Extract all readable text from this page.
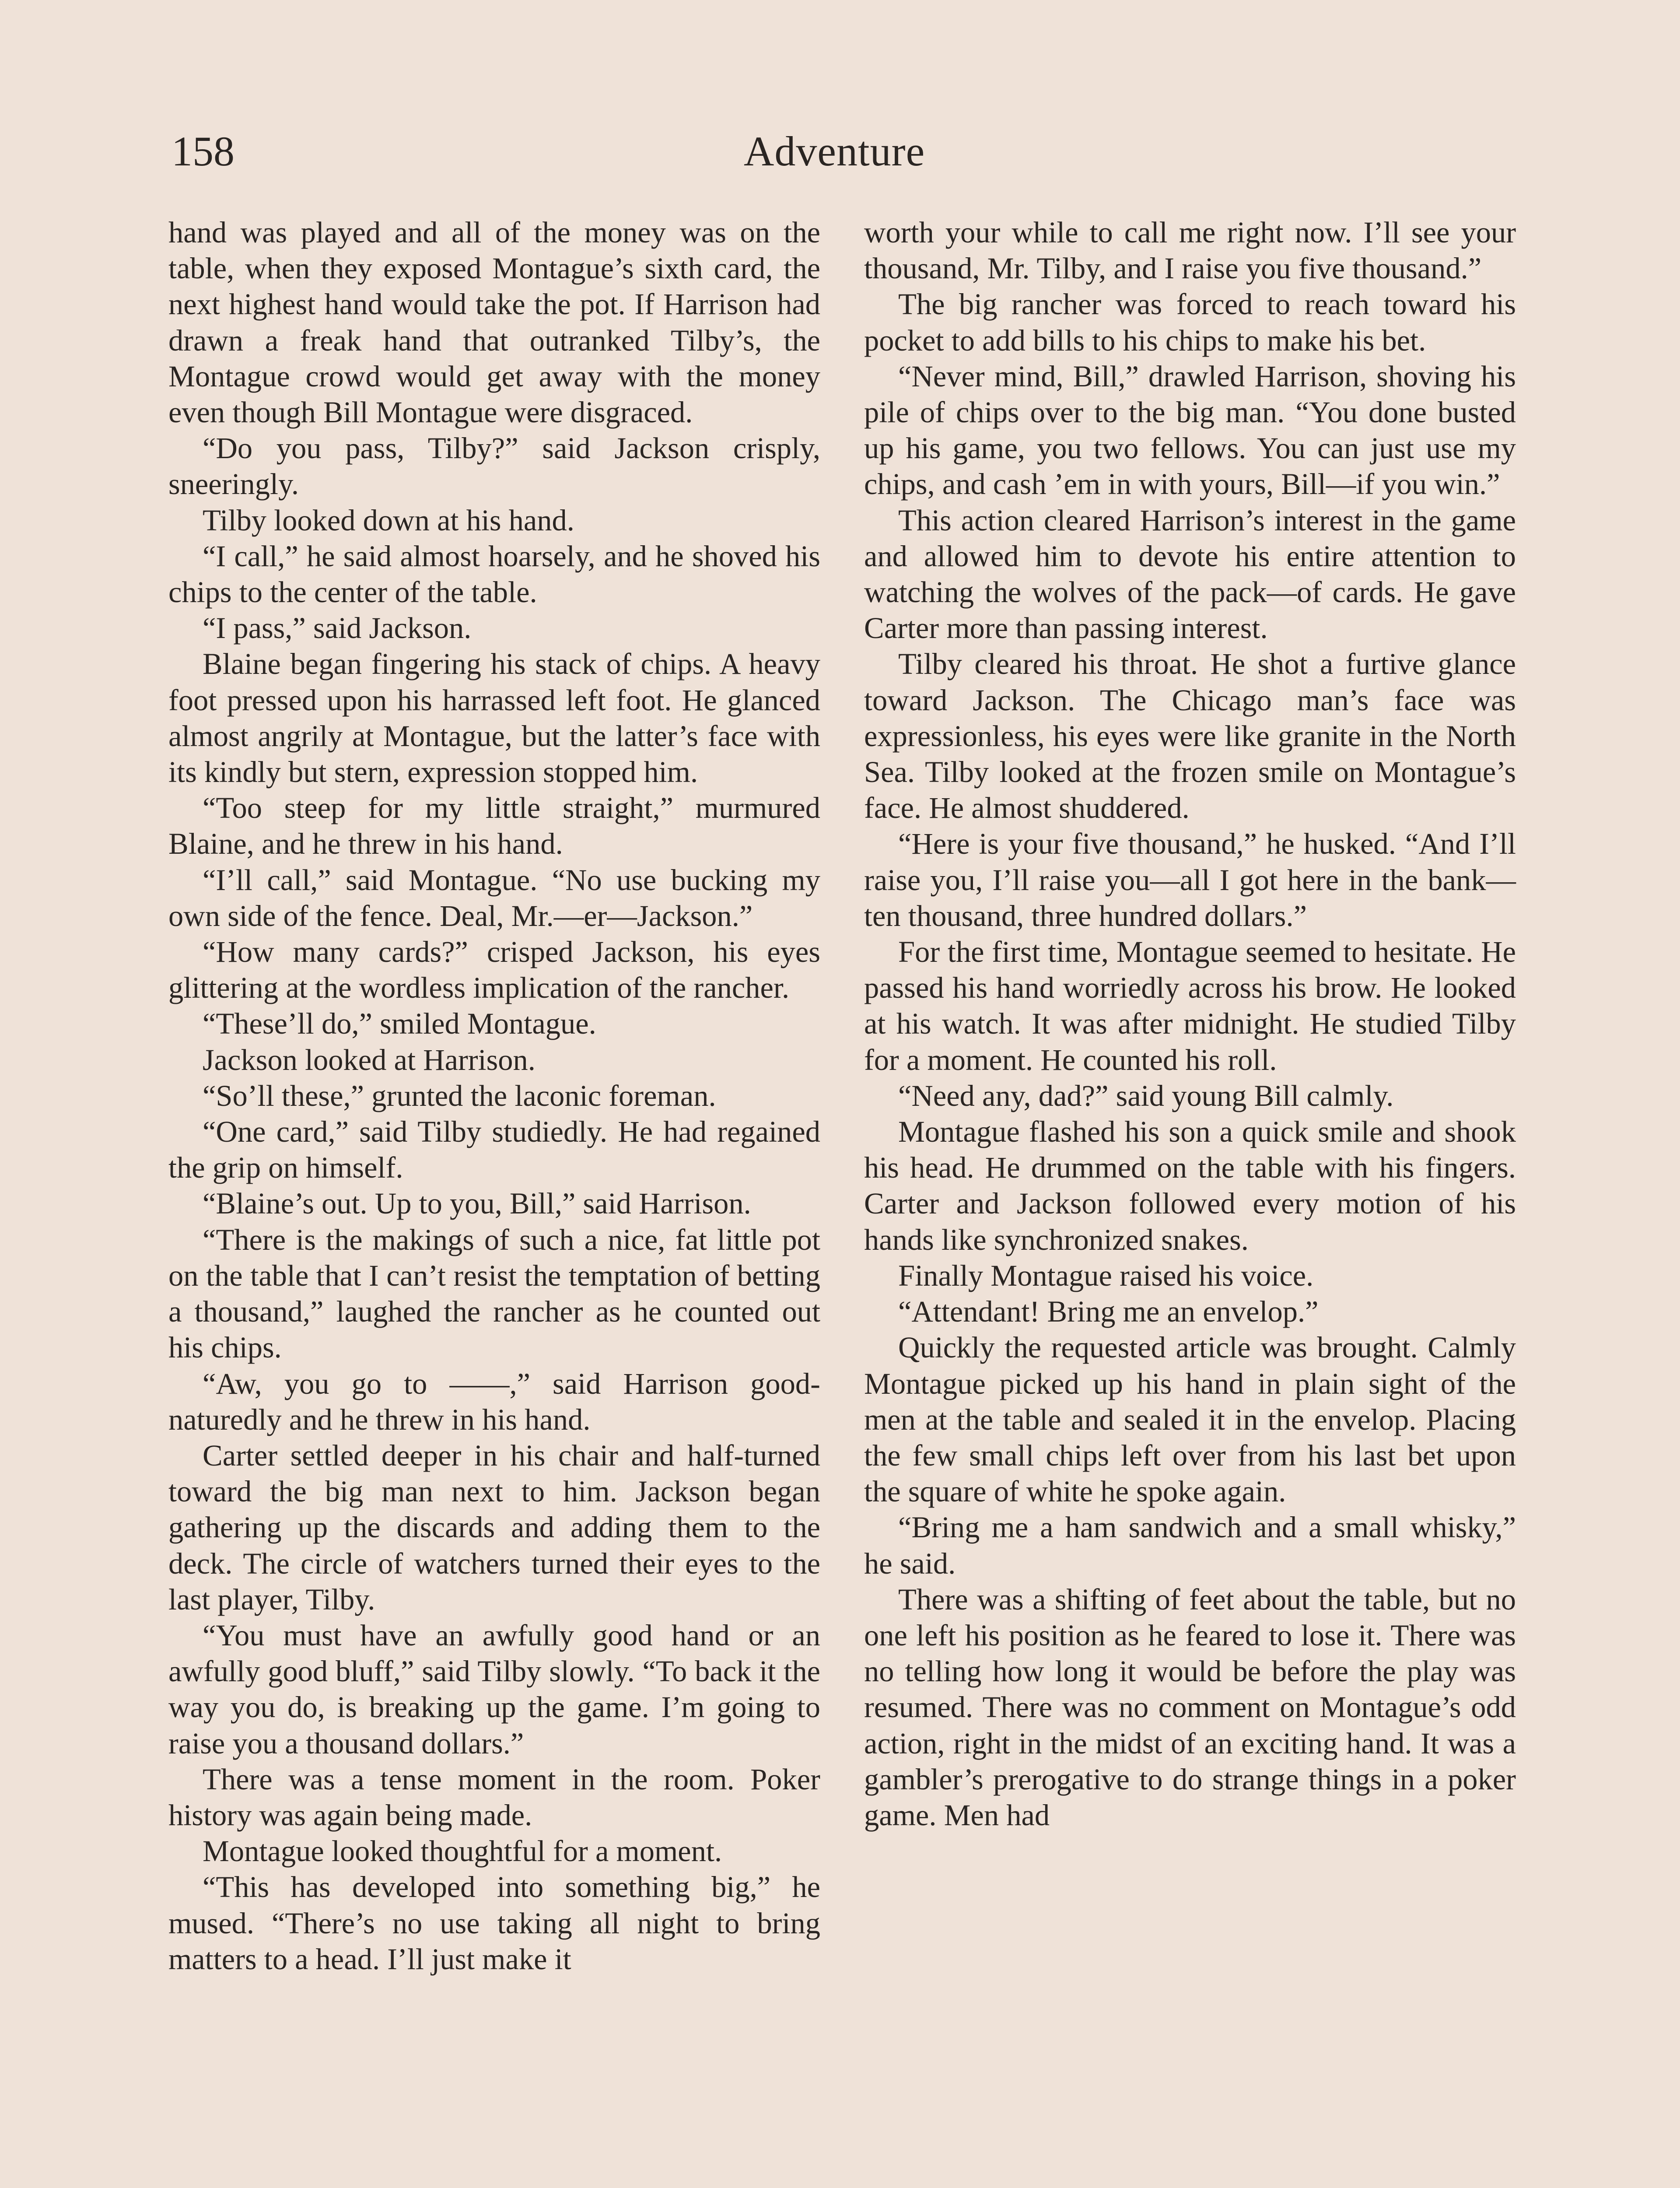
158	Adventure

hand was played and all of the money was on the table, when they exposed Montague’s sixth card, the next highest hand would take the pot. If Harrison had drawn a freak hand that outranked Tilby’s, the Montague crowd would get away with the money even though Bill Montague were disgraced.

“Do you pass, Tilby?” said Jackson crisply, sneeringly.

Tilby looked down at his hand.

“I call,” he said almost hoarsely, and he shoved his chips to the center of the table.

“I pass,” said Jackson.

Blaine began fingering his stack of chips. A heavy foot pressed upon his harrassed left foot. He glanced almost angrily at Montague, but the latter’s face with its kindly but stern, expression stopped him.

“Too steep for my little straight,” murmured Blaine, and he threw in his hand.

“I’ll call,” said Montague. “No use bucking my own side of the fence. Deal, Mr.—er—Jackson.”

“How many cards?” crisped Jackson, his eyes glittering at the wordless implication of the rancher.

“These’ll do,” smiled Montague.

Jackson looked at Harrison.

“So’ll these,” grunted the laconic foreman.

“One card,” said Tilby studiedly. He had regained the grip on himself.

“Blaine’s out. Up to you, Bill,” said Harrison.

“There is the makings of such a nice, fat little pot on the table that I can’t resist the temptation of betting a thousand,” laughed the rancher as he counted out his chips.

“Aw, you go to ——,” said Harrison good-naturedly and he threw in his hand.

Carter settled deeper in his chair and half-turned toward the big man next to him. Jackson began gathering up the discards and adding them to the deck. The circle of watchers turned their eyes to the last player, Tilby.

“You must have an awfully good hand or an awfully good bluff,” said Tilby slowly. “To back it the way you do, is breaking up the game. I’m going to raise you a thousand dollars.”

There was a tense moment in the room. Poker history was again being made.

Montague looked thoughtful for a moment.

“This has developed into something big,” he mused. “There’s no use taking all night to bring matters to a head. I’ll just make it

worth your while to call me right now. I’ll see your thousand, Mr. Tilby, and I raise you five thousand.”

The big rancher was forced to reach toward his pocket to add bills to his chips to make his bet.

“Never mind, Bill,” drawled Harrison, shoving his pile of chips over to the big man. “You done busted up his game, you two fellows. You can just use my chips, and cash ’em in with yours, Bill—if you win.”

This action cleared Harrison’s interest in the game and allowed him to devote his entire attention to watching the wolves of the pack—of cards. He gave Carter more than passing interest.

Tilby cleared his throat. He shot a furtive glance toward Jackson. The Chicago man’s face was expressionless, his eyes were like granite in the North Sea. Tilby looked at the frozen smile on Montague’s face. He almost shuddered.

“Here is your five thousand,” he husked. “And I’ll raise you, I’ll raise you—all I got here in the bank—ten thousand, three hundred dollars.”

For the first time, Montague seemed to hesitate. He passed his hand worriedly across his brow. He looked at his watch. It was after midnight. He studied Tilby for a moment. He counted his roll.

“Need any, dad?” said young Bill calmly.

Montague flashed his son a quick smile and shook his head. He drummed on the table with his fingers. Carter and Jackson followed every motion of his hands like synchronized snakes.

Finally Montague raised his voice.

“Attendant! Bring me an envelop.”

Quickly the requested article was brought. Calmly Montague picked up his hand in plain sight of the men at the table and sealed it in the envelop. Placing the few small chips left over from his last bet upon the square of white he spoke again.

“Bring me a ham sandwich and a small whisky,” he said.

There was a shifting of feet about the table, but no one left his position as he feared to lose it. There was no telling how long it would be before the play was resumed. There was no comment on Montague’s odd action, right in the midst of an exciting hand. It was a gambler’s prerogative to do strange things in a poker game. Men had
